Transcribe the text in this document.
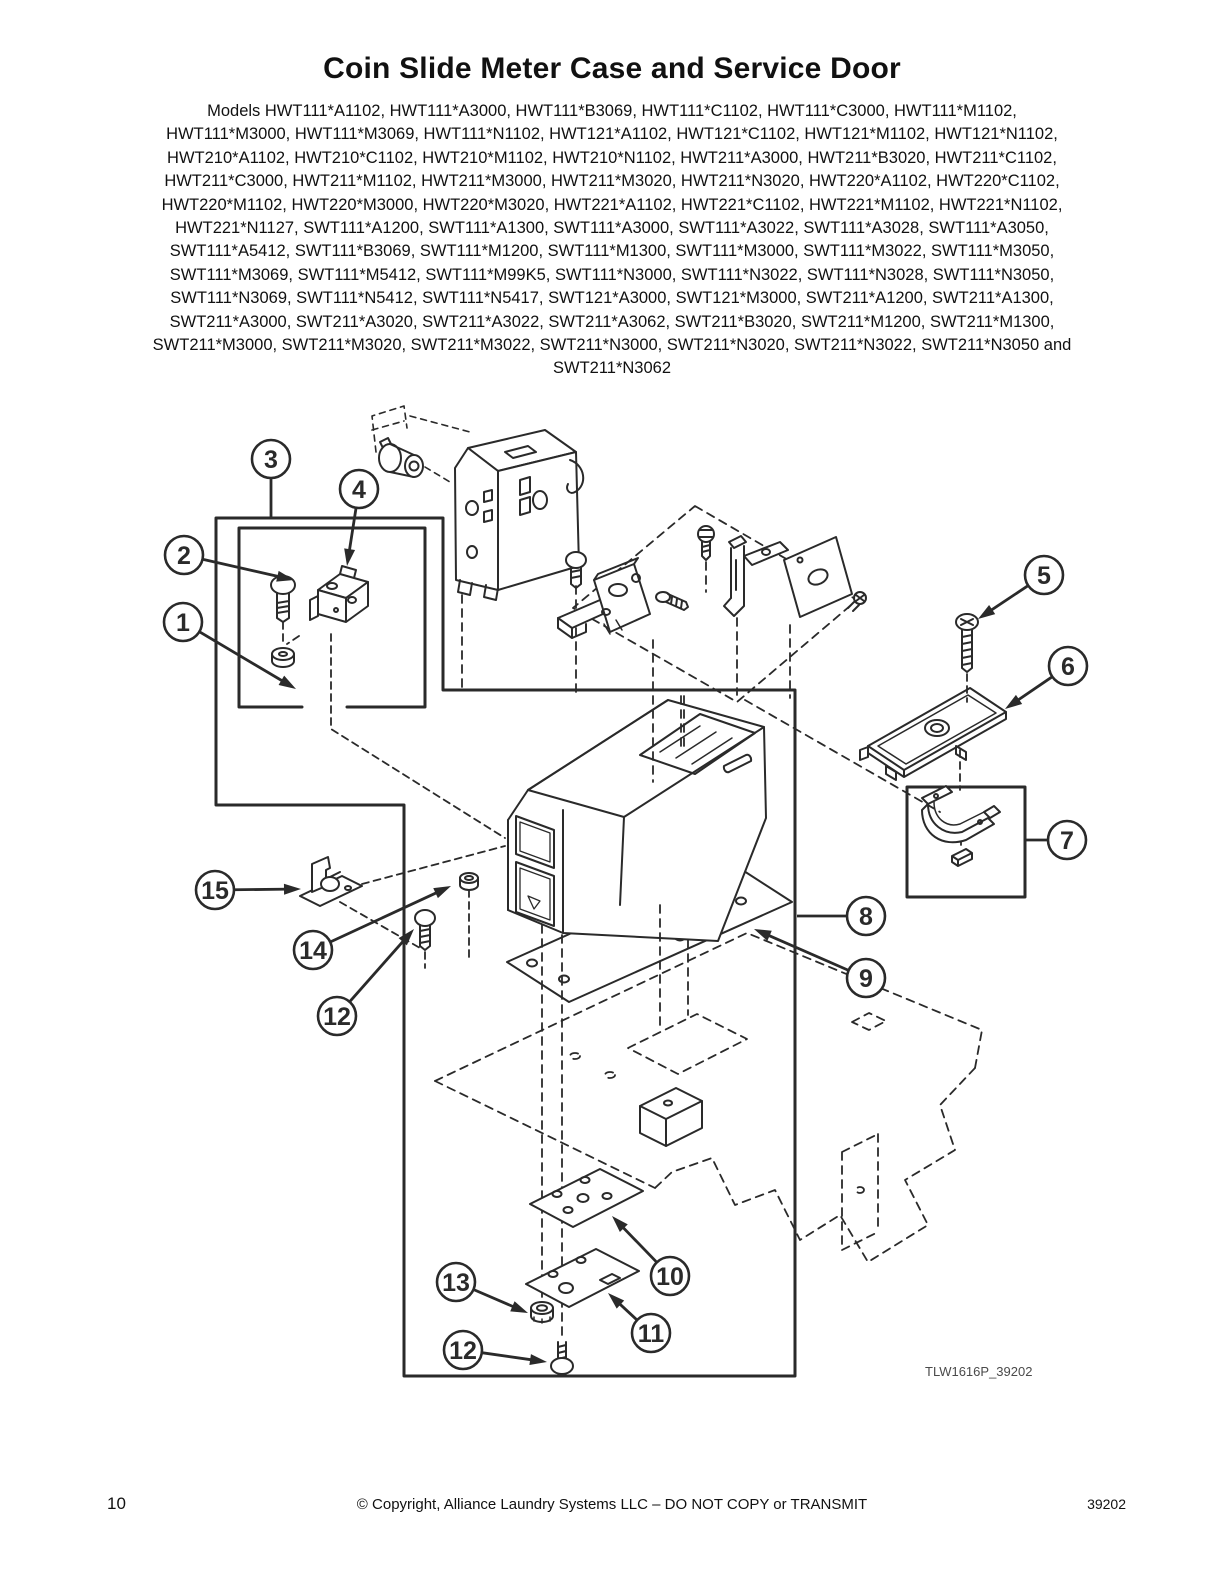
Coin Slide Meter Case and Service Door
Models HWT111*A1102, HWT111*A3000, HWT111*B3069, HWT111*C1102, HWT111*C3000, HWT111*M1102,
HWT111*M3000, HWT111*M3069, HWT111*N1102, HWT121*A1102, HWT121*C1102, HWT121*M1102, HWT121*N1102,
HWT210*A1102, HWT210*C1102, HWT210*M1102, HWT210*N1102, HWT211*A3000, HWT211*B3020, HWT211*C1102,
HWT211*C3000, HWT211*M1102, HWT211*M3000, HWT211*M3020, HWT211*N3020, HWT220*A1102, HWT220*C1102,
HWT220*M1102, HWT220*M3000, HWT220*M3020, HWT221*A1102, HWT221*C1102, HWT221*M1102, HWT221*N1102,
HWT221*N1127, SWT111*A1200, SWT111*A1300, SWT111*A3000, SWT111*A3022, SWT111*A3028, SWT111*A3050,
SWT111*A5412, SWT111*B3069, SWT111*M1200, SWT111*M1300, SWT111*M3000, SWT111*M3022, SWT111*M3050,
SWT111*M3069, SWT111*M5412, SWT111*M99K5, SWT111*N3000, SWT111*N3022, SWT111*N3028, SWT111*N3050,
SWT111*N3069, SWT111*N5412, SWT111*N5417, SWT121*A3000, SWT121*M3000, SWT211*A1200, SWT211*A1300,
SWT211*A3000, SWT211*A3020, SWT211*A3022, SWT211*A3062, SWT211*B3020, SWT211*M1200, SWT211*M1300,
SWT211*M3000, SWT211*M3020, SWT211*M3022, SWT211*N3000, SWT211*N3020, SWT211*N3022, SWT211*N3050 and
SWT211*N3062
1
2
3
4
5
6
7
8
9
10
11
12
13
12
14
15
TLW1616P_39202
10	© Copyright, Alliance Laundry Systems LLC – DO NOT COPY or TRANSMIT	39202
